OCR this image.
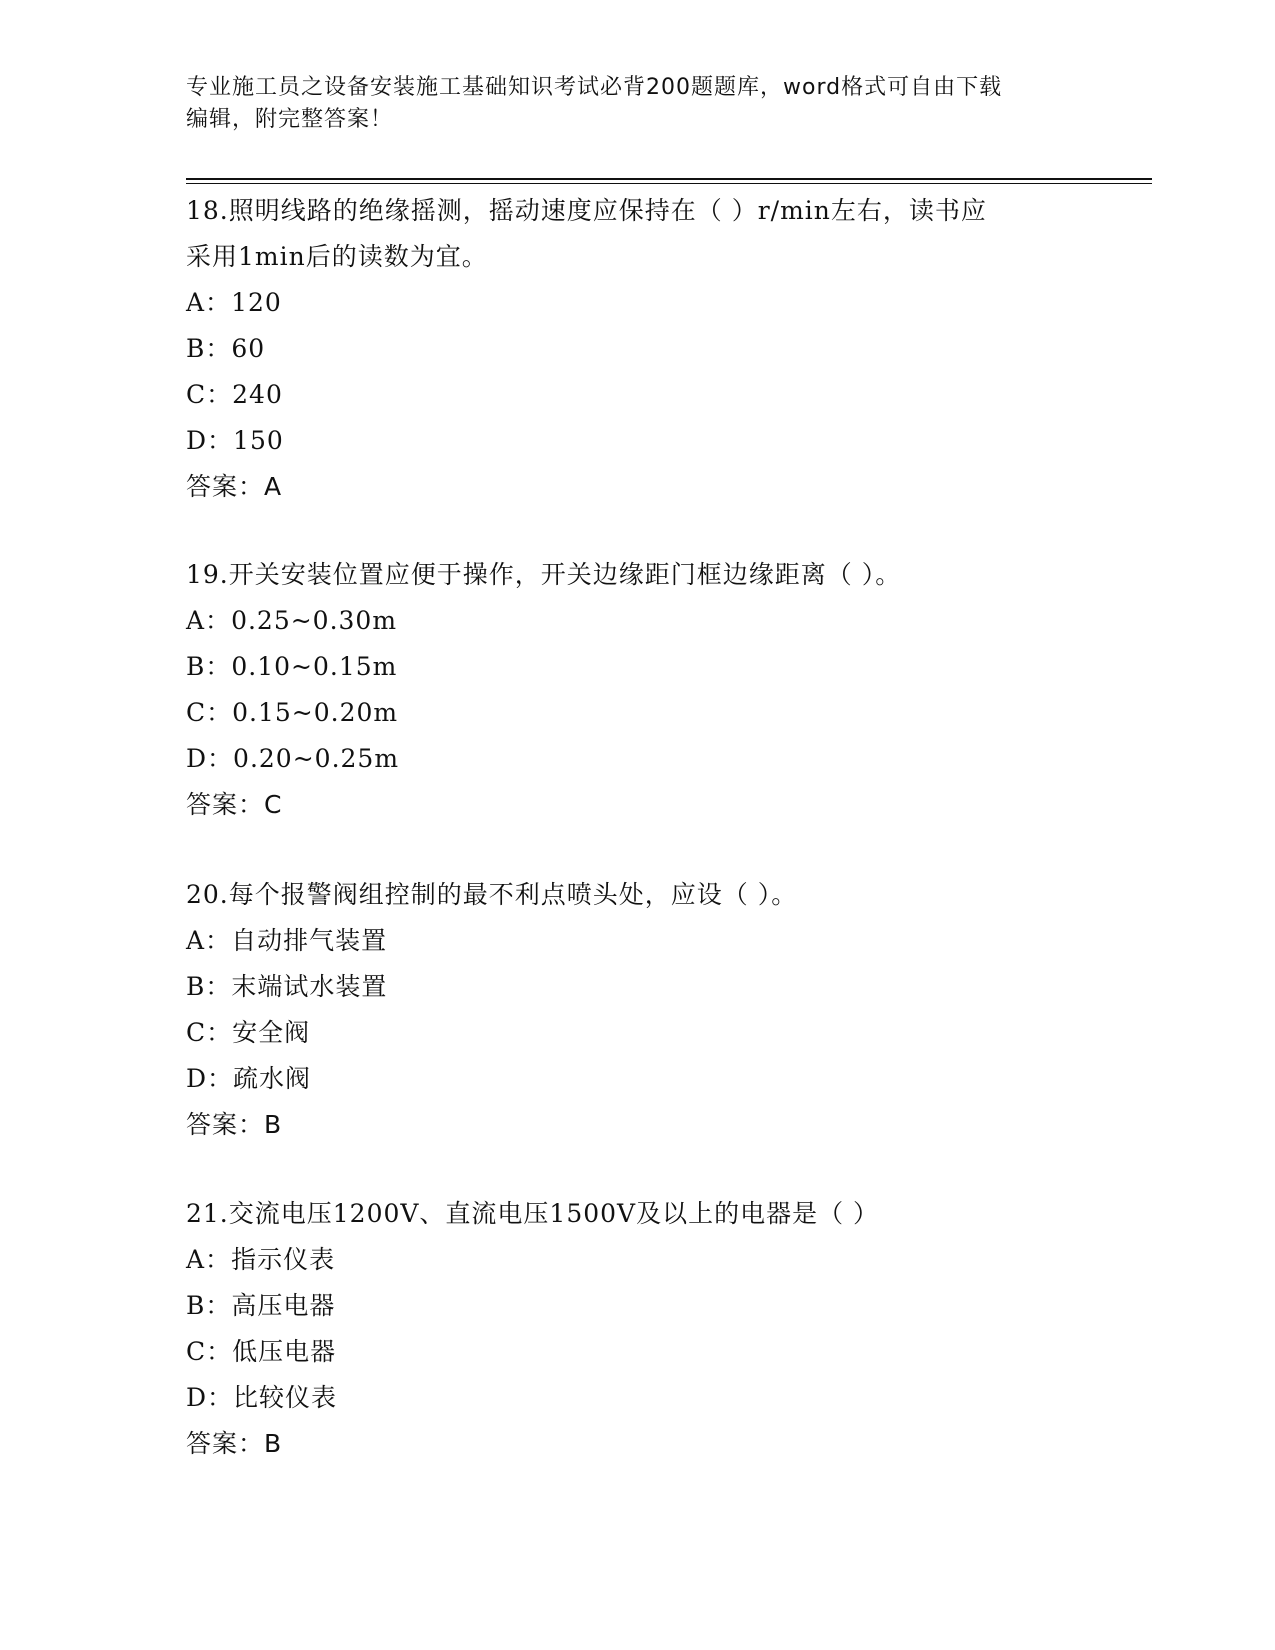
专业施工员之设备安装施工基础知识考试必背200题题库，word格式可自由下载
编辑，附完整答案！

18.照明线路的绝缘摇测，摇动速度应保持在（ ）r/min左右，读书应
采用1min后的读数为宜。

A：120
B：60
C：240
D：150
答案：A

19.开关安装位置应便于操作，开关边缘距门框边缘距离（ ）。

A：0.25~0.30m
B：0.10~0.15m
C：0.15~0.20m
D：0.20~0.25m
答案：C

20.每个报警阀组控制的最不利点喷头处，应设（ ）。

A：自动排气装置
B：末端试水装置
C：安全阀
D：疏水阀
答案：B

21.交流电压1200V、直流电压1500V及以上的电器是（ ）

A：指示仪表
B：高压电器
C：低压电器
D：比较仪表
答案：B
